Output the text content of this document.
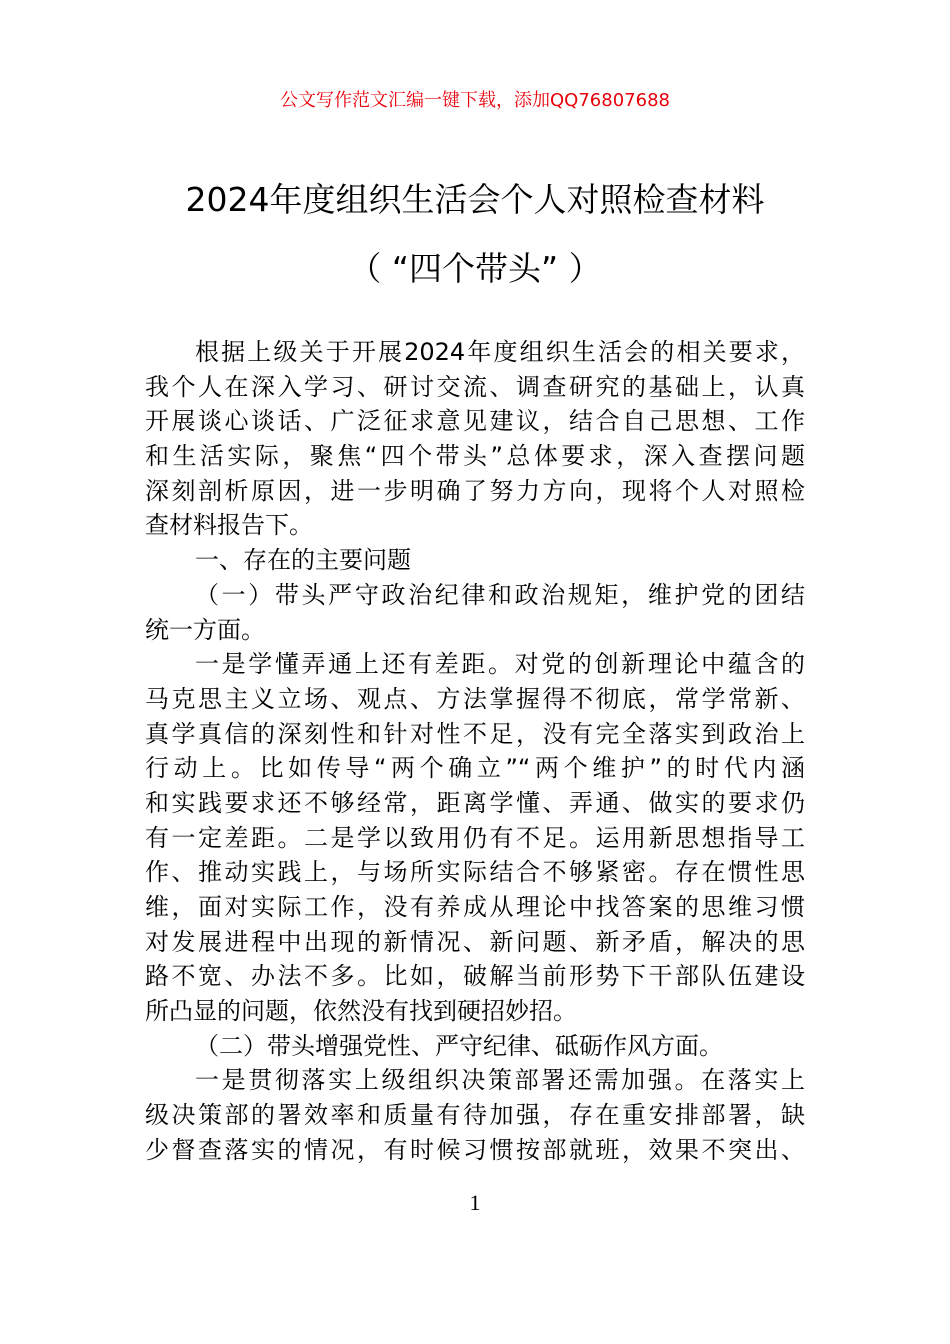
公文写作范文汇编一键下载，添加QQ76807688
2024年度组织生活会个人对照检查材料
（ “四个带头” ）
根据上级关于开展2024年度组织生活会的相关要求，
我个人在深入学习、研讨交流、调查研究的基础上，认真
开展谈心谈话、广泛征求意见建议，结合自己思想、工作
和生活实际，聚焦“四个带头”总体要求，深入查摆问题
深刻剖析原因，进一步明确了努力方向，现将个人对照检
查材料报告下。
一、存在的主要问题
（一）带头严守政治纪律和政治规矩，维护党的团结
统一方面。
一是学懂弄通上还有差距。对党的创新理论中蕴含的
马克思主义立场、观点、方法掌握得不彻底，常学常新、
真学真信的深刻性和针对性不足，没有完全落实到政治上
行动上。比如传导“两个确立”“两个维护”的时代内涵
和实践要求还不够经常，距离学懂、弄通、做实的要求仍
有一定差距。二是学以致用仍有不足。运用新思想指导工
作、推动实践上，与场所实际结合不够紧密。存在惯性思
维，面对实际工作，没有养成从理论中找答案的思维习惯
对发展进程中出现的新情况、新问题、新矛盾，解决的思
路不宽、办法不多。比如，破解当前形势下干部队伍建设
所凸显的问题，依然没有找到硬招妙招。
（二）带头增强党性、严守纪律、砥砺作风方面。
一是贯彻落实上级组织决策部署还需加强。在落实上
级决策部的署效率和质量有待加强，存在重安排部署，缺
少督查落实的情况，有时候习惯按部就班，效果不突出、
1
